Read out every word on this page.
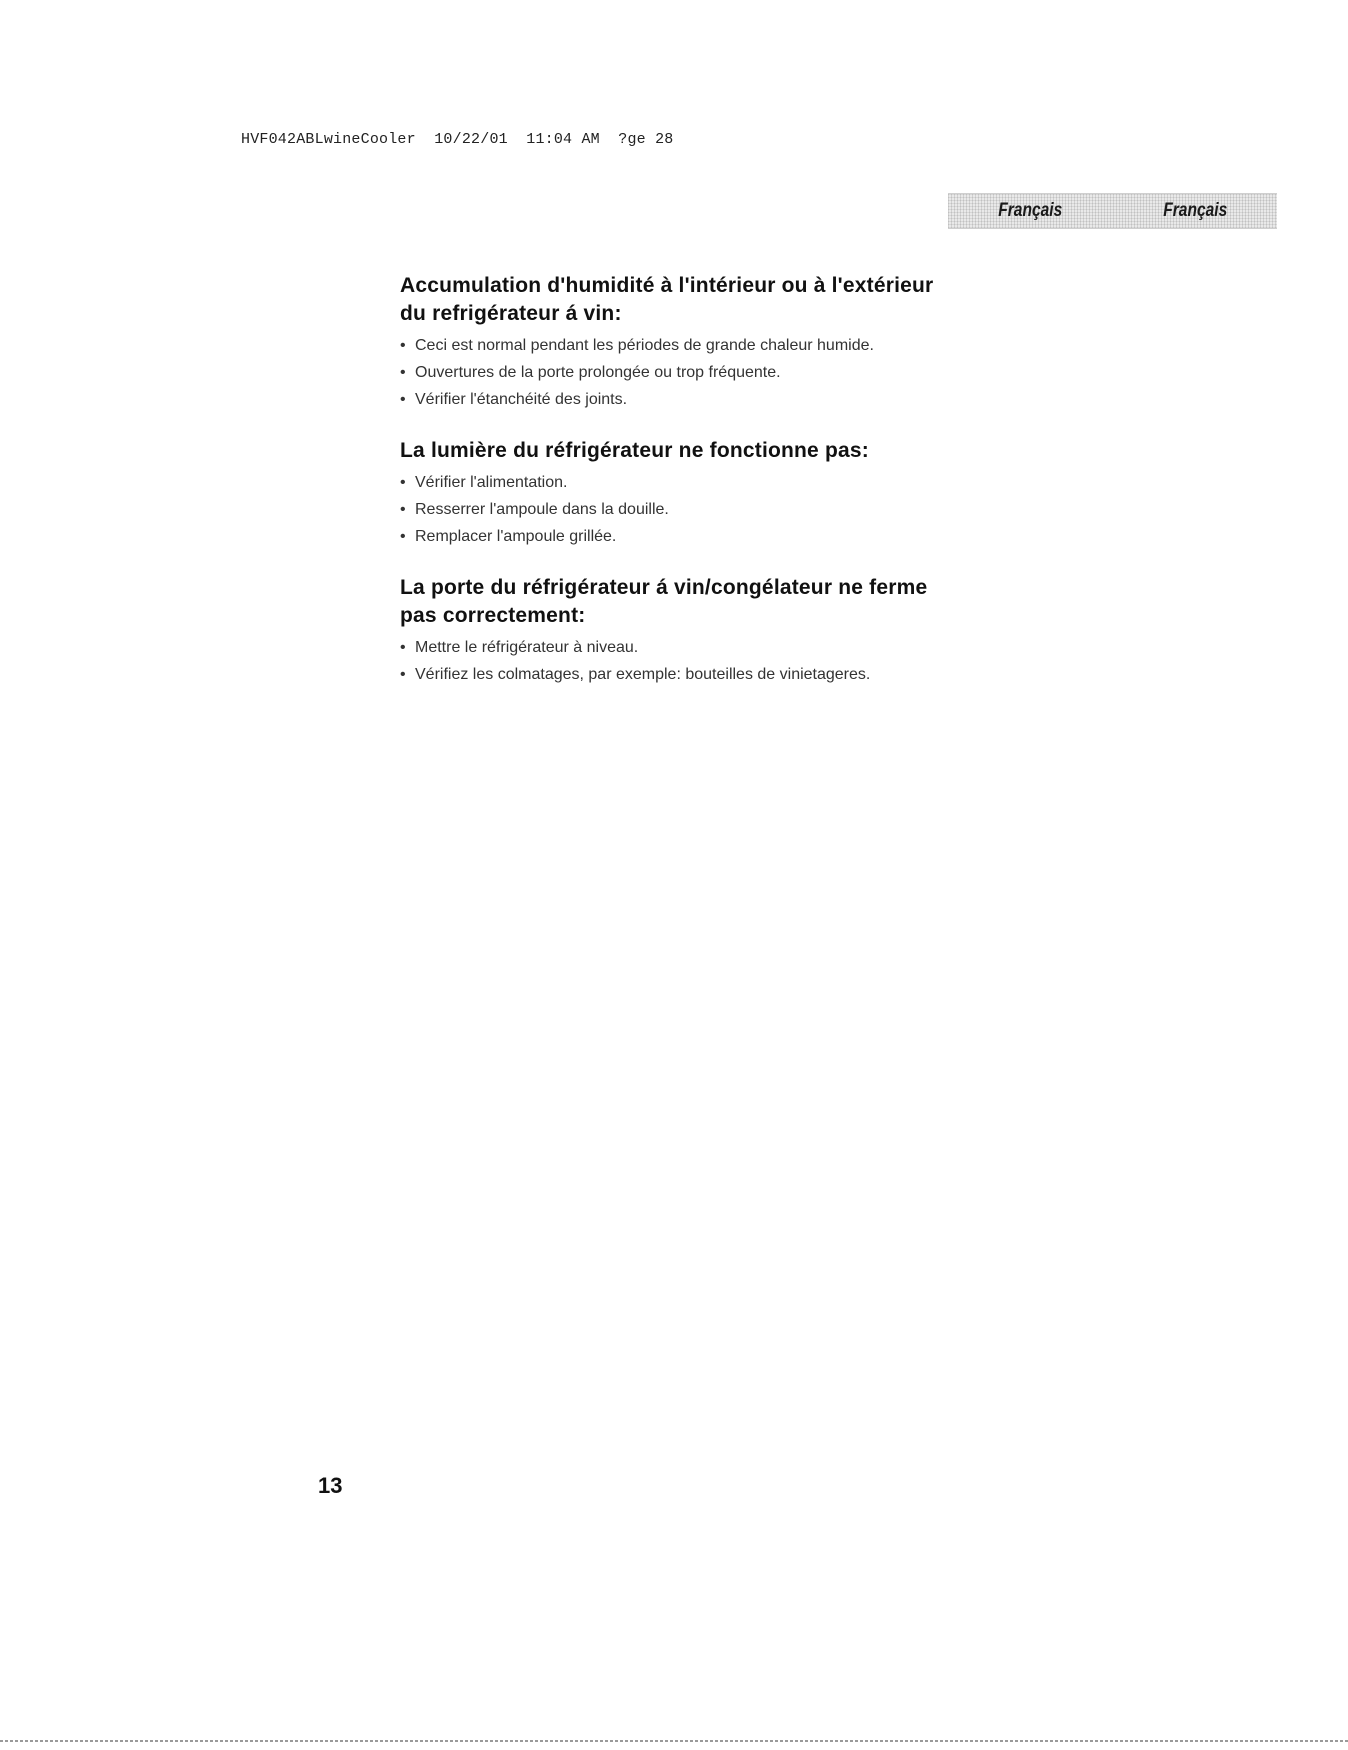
HVF042ABLwineCooler  10/22/01  11:04 AM  ?ge 28
Français	Français
Accumulation d'humidité à l'intérieur ou à l'extérieur
du refrigérateur á vin:
• Ceci est normal pendant les périodes de grande chaleur humide.
• Ouvertures de la porte prolongée ou trop fréquente.
• Vérifier l'étanchéité des joints.
La lumière du réfrigérateur ne fonctionne pas:
• Vérifier l'alimentation.
• Resserrer l'ampoule dans la douille.
• Remplacer l'ampoule grillée.
La porte du réfrigérateur á vin/congélateur ne ferme
pas correctement:
• Mettre le réfrigérateur à niveau.
• Vérifiez les colmatages, par exemple: bouteilles de vinietageres.
13
